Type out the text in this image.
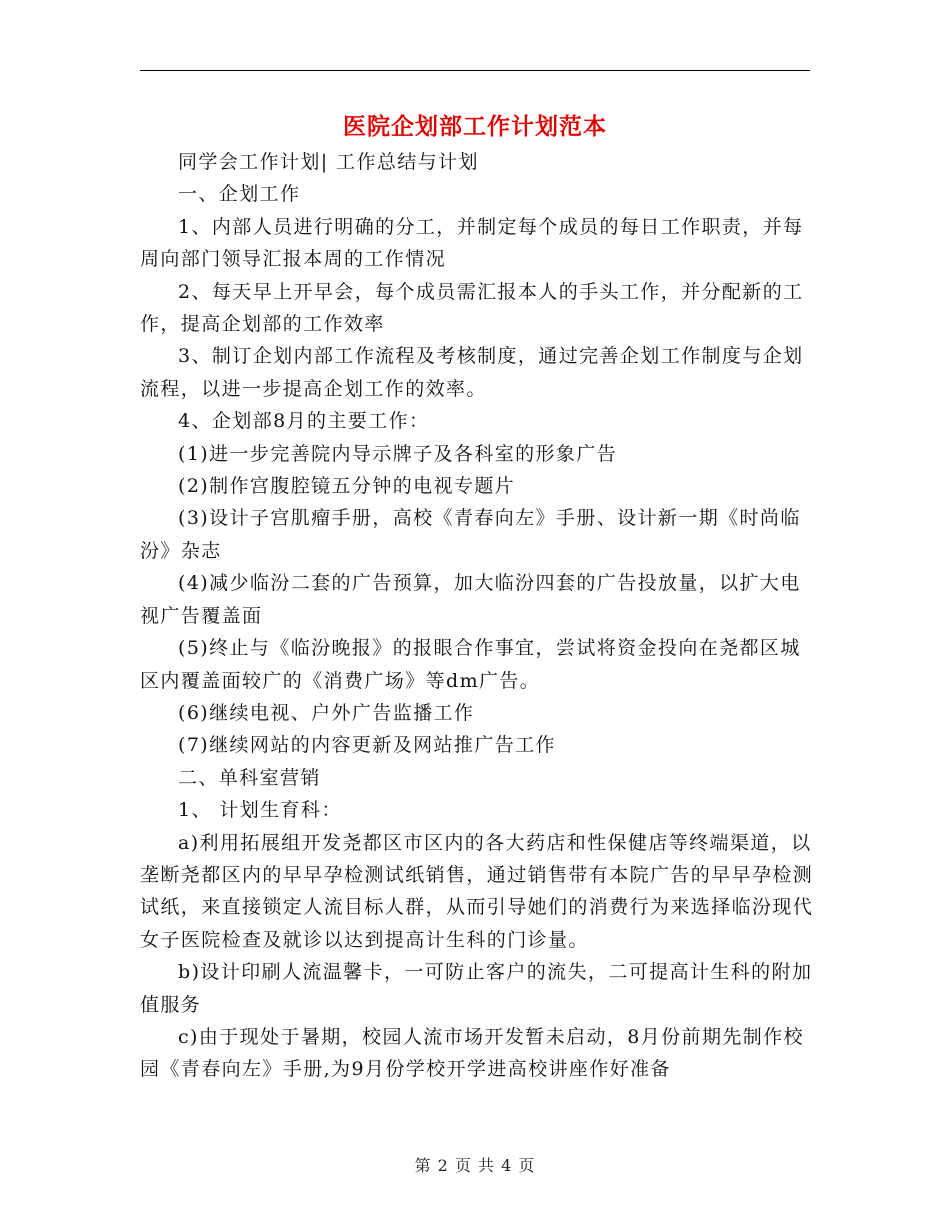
医院企划部工作计划范本

同学会工作计划| 工作总结与计划

一、企划工作

1、内部人员进行明确的分工，并制定每个成员的每日工作职责，并每周向部门领导汇报本周的工作情况

2、每天早上开早会，每个成员需汇报本人的手头工作，并分配新的工作，提高企划部的工作效率

3、制订企划内部工作流程及考核制度，通过完善企划工作制度与企划流程，以进一步提高企划工作的效率。

4、企划部8月的主要工作：

(1)进一步完善院内导示牌子及各科室的形象广告

(2)制作宫腹腔镜五分钟的电视专题片

(3)设计子宫肌瘤手册，高校《青春向左》手册、设计新一期《时尚临汾》杂志

(4)减少临汾二套的广告预算，加大临汾四套的广告投放量，以扩大电视广告覆盖面

(5)终止与《临汾晚报》的报眼合作事宜，尝试将资金投向在尧都区城区内覆盖面较广的《消费广场》等dm广告。

(6)继续电视、户外广告监播工作

(7)继续网站的内容更新及网站推广告工作

二、单科室营销

1、 计划生育科：

a)利用拓展组开发尧都区市区内的各大药店和性保健店等终端渠道，以垄断尧都区内的早早孕检测试纸销售，通过销售带有本院广告的早早孕检测试纸，来直接锁定人流目标人群，从而引导她们的消费行为来选择临汾现代女子医院检查及就诊以达到提高计生科的门诊量。

b)设计印刷人流温馨卡，一可防止客户的流失，二可提高计生科的附加值服务

c)由于现处于暑期，校园人流市场开发暂未启动，8月份前期先制作校园《青春向左》手册,为9月份学校开学进高校讲座作好准备

第 2 页 共 4 页
